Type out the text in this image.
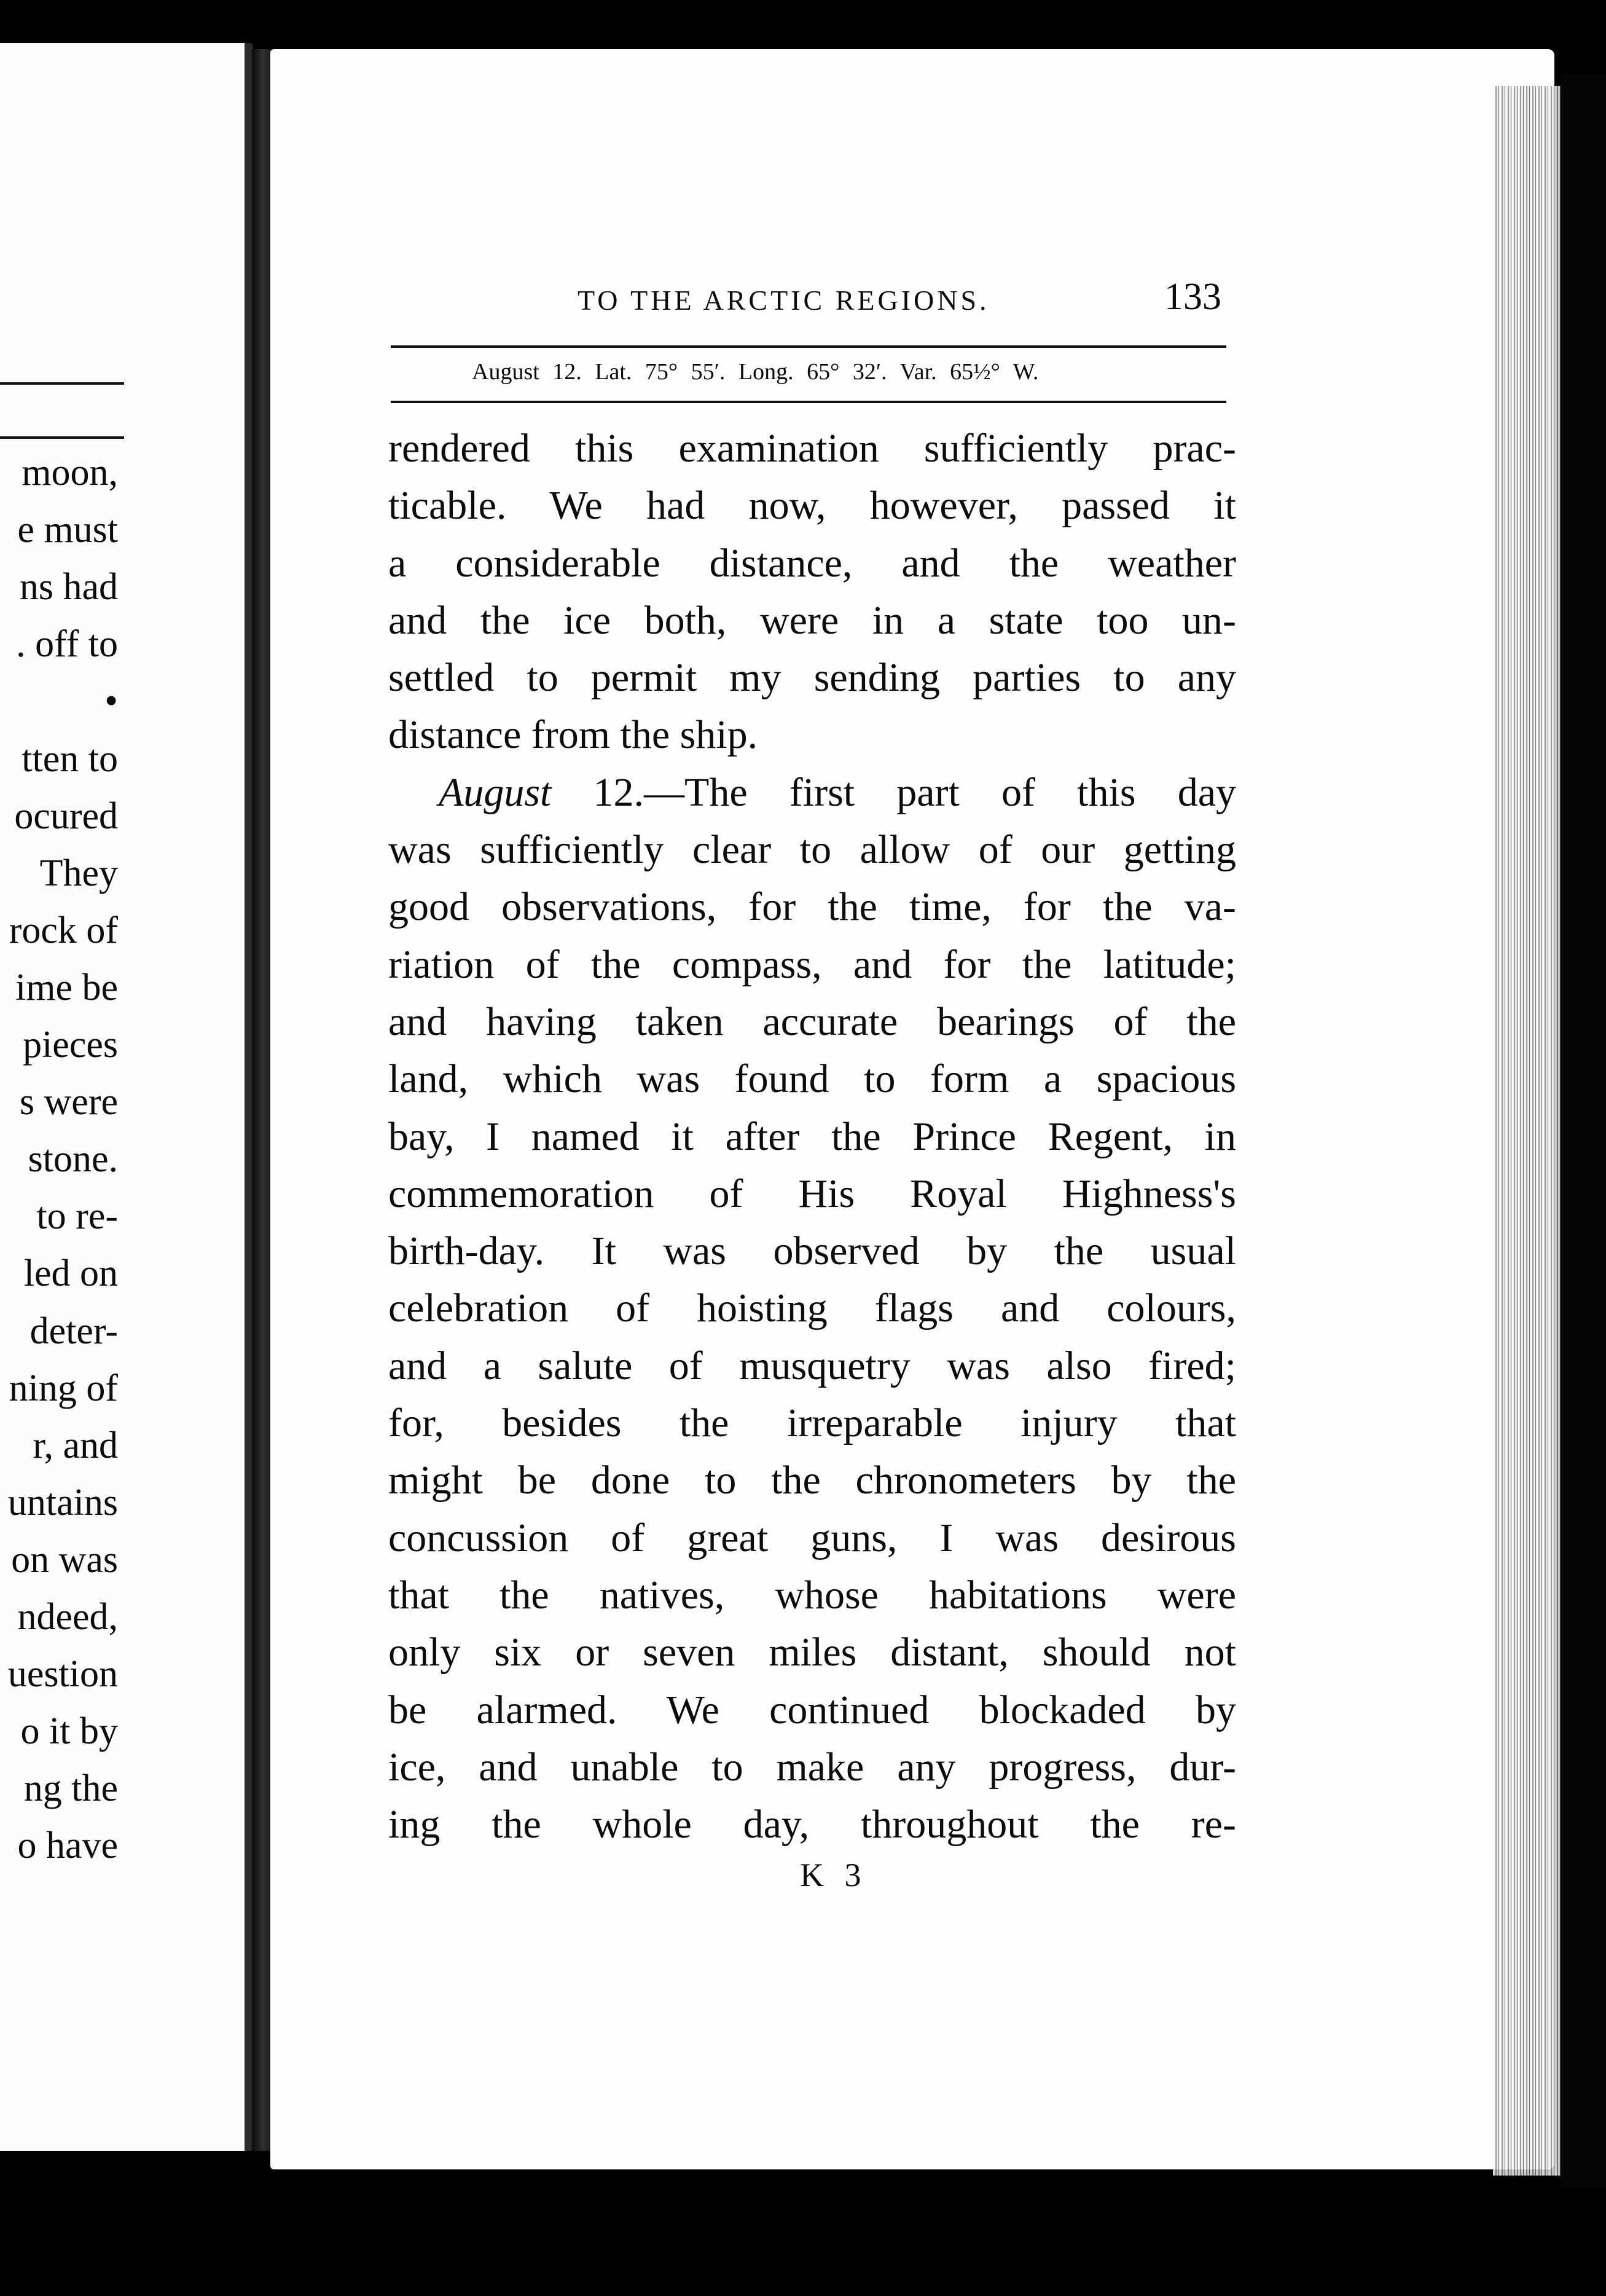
moon,
e must
ns had
. off to
•
tten to
ocured
They
rock of
ime be
pieces
s were
stone.
to re-
led on
deter-
ning of
r, and
untains
on was
ndeed,
uestion
o it by
ng the
o have
TO THE ARCTIC REGIONS.	133
August 12. Lat. 75° 55′. Long. 65° 32′. Var. 65½° W.
rendered this examination sufficiently prac-
ticable. We had now, however, passed it
a considerable distance, and the weather
and the ice both, were in a state too un-
settled to permit my sending parties to any
distance from the ship.
August 12.—The first part of this day
was sufficiently clear to allow of our getting
good observations, for the time, for the va-
riation of the compass, and for the latitude;
and having taken accurate bearings of the
land, which was found to form a spacious
bay, I named it after the Prince Regent, in
commemoration of His Royal Highness's
birth-day. It was observed by the usual
celebration of hoisting flags and colours,
and a salute of musquetry was also fired;
for, besides the irreparable injury that
might be done to the chronometers by the
concussion of great guns, I was desirous
that the natives, whose habitations were
only six or seven miles distant, should not
be alarmed. We continued blockaded by
ice, and unable to make any progress, dur-
ing the whole day, throughout the re-
K 3
